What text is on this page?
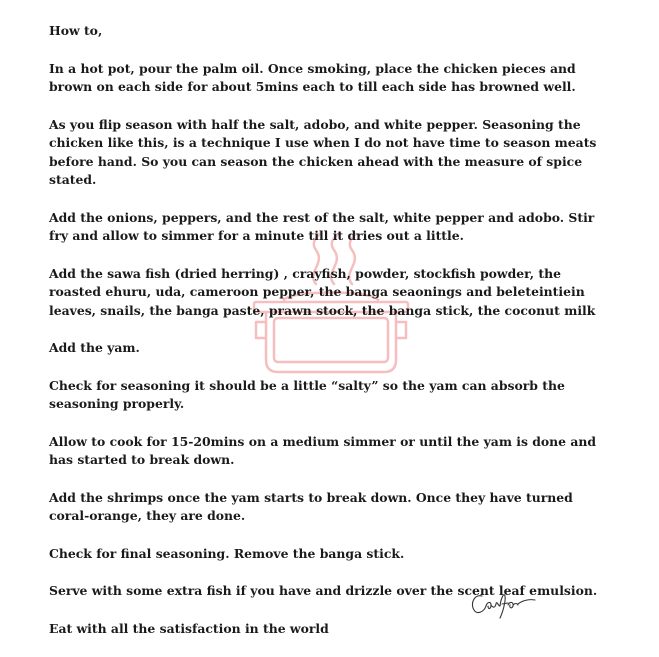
How to,

In a hot pot, pour the palm oil. Once smoking, place the chicken pieces and brown on each side for about 5mins each to till each side has browned well.

As you flip season with half the salt, adobo, and white pepper. Seasoning the chicken like this, is a technique I use when I do not have time to season meats before hand. So you can season the chicken ahead with the measure of spice stated.

Add the onions, peppers, and the rest of the salt, white pepper and adobo. Stir fry and allow to simmer for a minute till it dries out a little.

Add the sawa fish (dried herring) , crayfish, powder, stockfish powder, the roasted ehuru, uda, cameroon pepper, the banga seaonings and beleteintiein leaves, snails, the banga paste, prawn stock, the banga stick, the coconut milk

Add the yam.

Check for seasoning it should be a little “salty” so the yam can absorb the seasoning properly.

Allow to cook for 15-20mins on a medium simmer or until the yam is done and has started to break down.

Add the shrimps once the yam starts to break down. Once they have turned coral-orange, they are done.

Check for final seasoning. Remove the banga stick.

Serve with some extra fish if you have and drizzle over the scent leaf emulsion.

Eat with all the satisfaction in the world
